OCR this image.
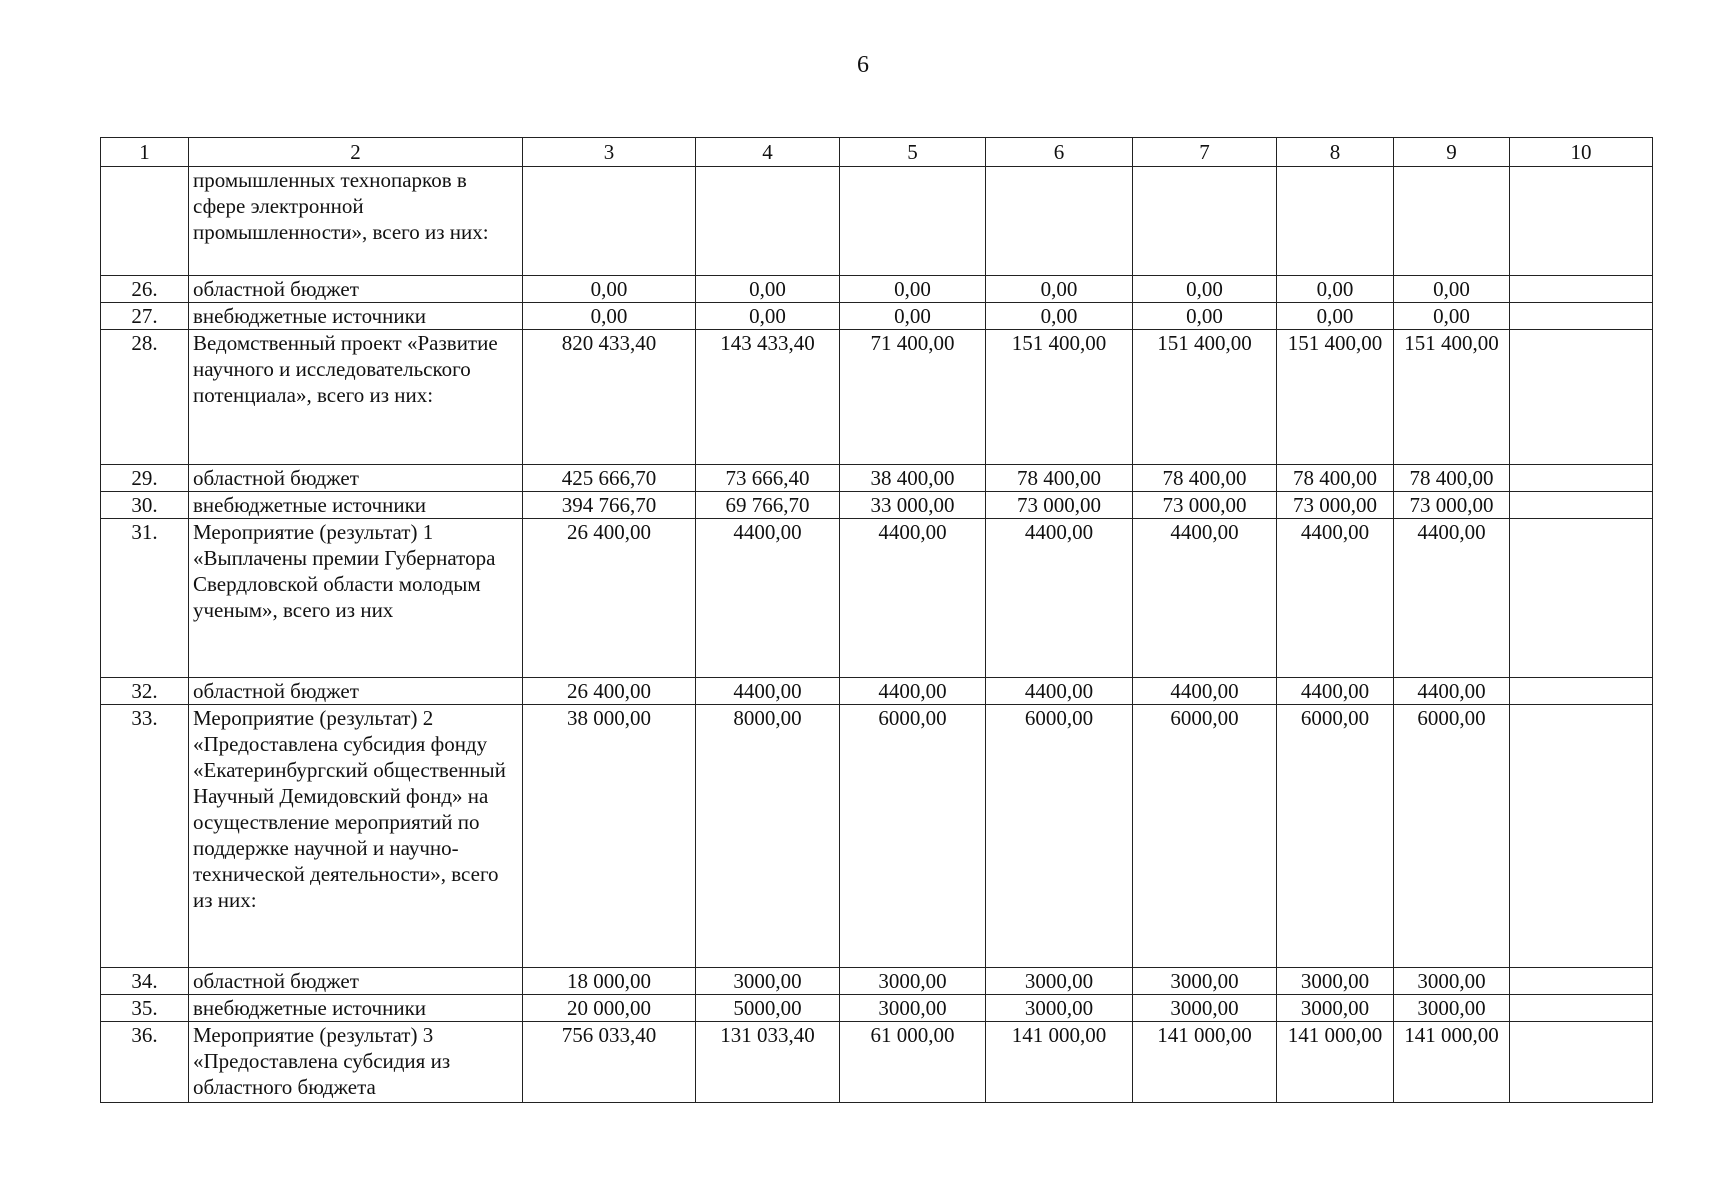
6
1	2	3	4	5	6	7	8	9	10
	промышленных технопарков в сфере электронной промышленности», всего из них:								
26.	областной бюджет	0,00	0,00	0,00	0,00	0,00	0,00	0,00	
27.	внебюджетные источники	0,00	0,00	0,00	0,00	0,00	0,00	0,00	
28.	Ведомственный проект «Развитие научного и исследовательского потенциала», всего из них:	820 433,40	143 433,40	71 400,00	151 400,00	151 400,00	151 400,00	151 400,00	
29.	областной бюджет	425 666,70	73 666,40	38 400,00	78 400,00	78 400,00	78 400,00	78 400,00	
30.	внебюджетные источники	394 766,70	69 766,70	33 000,00	73 000,00	73 000,00	73 000,00	73 000,00	
31.	Мероприятие (результат) 1 «Выплачены премии Губернатора Свердловской области молодым ученым», всего из них	26 400,00	4400,00	4400,00	4400,00	4400,00	4400,00	4400,00	
32.	областной бюджет	26 400,00	4400,00	4400,00	4400,00	4400,00	4400,00	4400,00	
33.	Мероприятие (результат) 2 «Предоставлена субсидия фонду «Екатеринбургский общественный Научный Демидовский фонд» на осуществление мероприятий по поддержке научной и научно-технической деятельности», всего из них:	38 000,00	8000,00	6000,00	6000,00	6000,00	6000,00	6000,00	
34.	областной бюджет	18 000,00	3000,00	3000,00	3000,00	3000,00	3000,00	3000,00	
35.	внебюджетные источники	20 000,00	5000,00	3000,00	3000,00	3000,00	3000,00	3000,00	
36.	Мероприятие (результат) 3 «Предоставлена субсидия из областного бюджета	756 033,40	131 033,40	61 000,00	141 000,00	141 000,00	141 000,00	141 000,00	
